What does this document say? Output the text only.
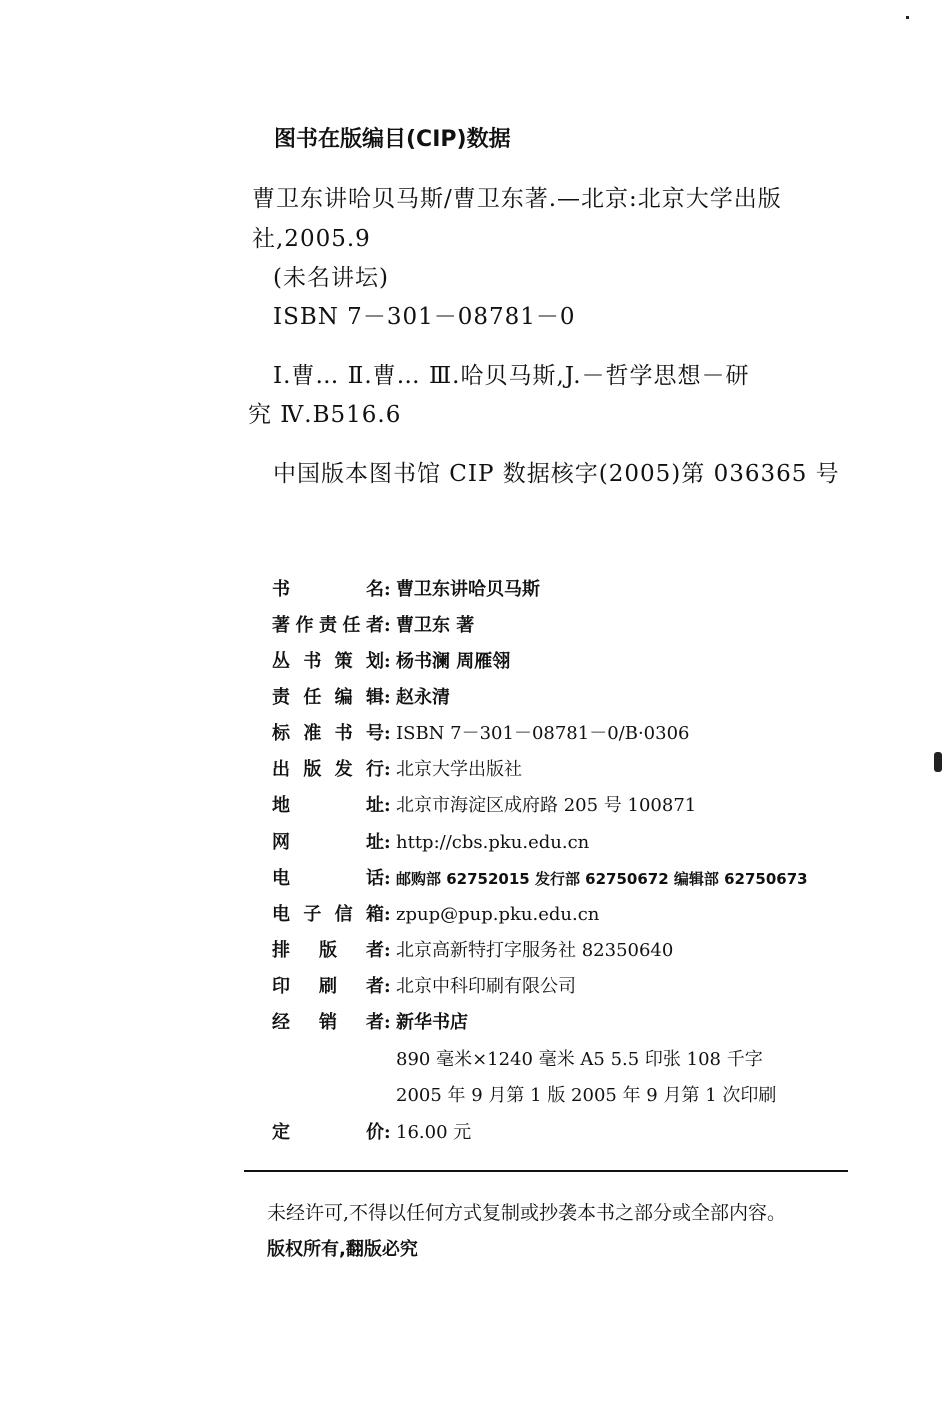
图书在版编目(CIP)数据
曹卫东讲哈贝马斯/曹卫东著.—北京:北京大学出版
社,2005.9
(未名讲坛)
ISBN 7－301－08781－0
Ⅰ.曹… Ⅱ.曹… Ⅲ.哈贝马斯,J.－哲学思想－研
究 Ⅳ.B516.6
中国版本图书馆 CIP 数据核字(2005)第 036365 号
书名: 曹卫东讲哈贝马斯
著作责任者: 曹卫东 著
丛书策划: 杨书澜 周雁翎
责任编辑: 赵永清
标准书号: ISBN 7－301－08781－0/B·0306
出版发行: 北京大学出版社
地址: 北京市海淀区成府路 205 号 100871
网址: http://cbs.pku.edu.cn
电话: 邮购部 62752015 发行部 62750672 编辑部 62750673
电子信箱: zpup@pup.pku.edu.cn
排版者: 北京高新特打字服务社 82350640
印刷者: 北京中科印刷有限公司
经销者: 新华书店
890 毫米×1240 毫米 A5 5.5 印张 108 千字
2005 年 9 月第 1 版 2005 年 9 月第 1 次印刷
定价: 16.00 元
未经许可,不得以任何方式复制或抄袭本书之部分或全部内容。
版权所有,翻版必究
